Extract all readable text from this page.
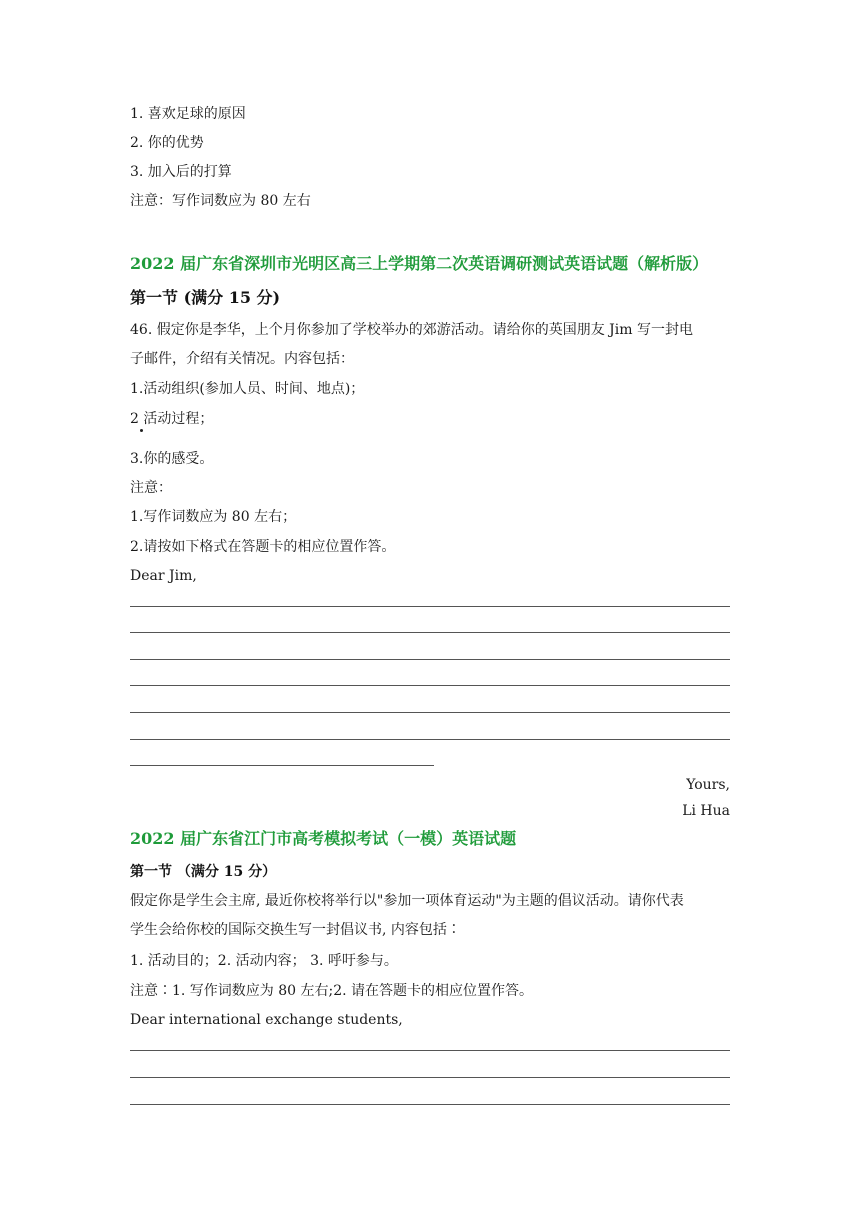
1. 喜欢足球的原因
2. 你的优势
3. 加入后的打算
注意：写作词数应为 80 左右
2022 届广东省深圳市光明区高三上学期第二次英语调研测试英语试题（解析版）
第一节 (满分 15 分)
46. 假定你是李华，上个月你参加了学校举办的郊游活动。请给你的英国朋友 Jim 写一封电
子邮件，介绍有关情况。内容包括：
1.活动组织(参加人员、时间、地点)；
2 活动过程；
3.你的感受。
注意：
1.写作词数应为 80 左右；
2.请按如下格式在答题卡的相应位置作答。
Dear Jim,
Yours,
Li Hua
2022 届广东省江门市高考模拟考试（一模）英语试题
第一节 （满分 15 分）
假定你是学生会主席, 最近你校将举行以"参加一项体育运动"为主题的倡议活动。请你代表
学生会给你校的国际交换生写一封倡议书, 内容包括∶
1. 活动目的；2. 活动内容； 3. 呼吁参与。
注意∶1. 写作词数应为 80 左右;2. 请在答题卡的相应位置作答。
Dear international exchange students,
